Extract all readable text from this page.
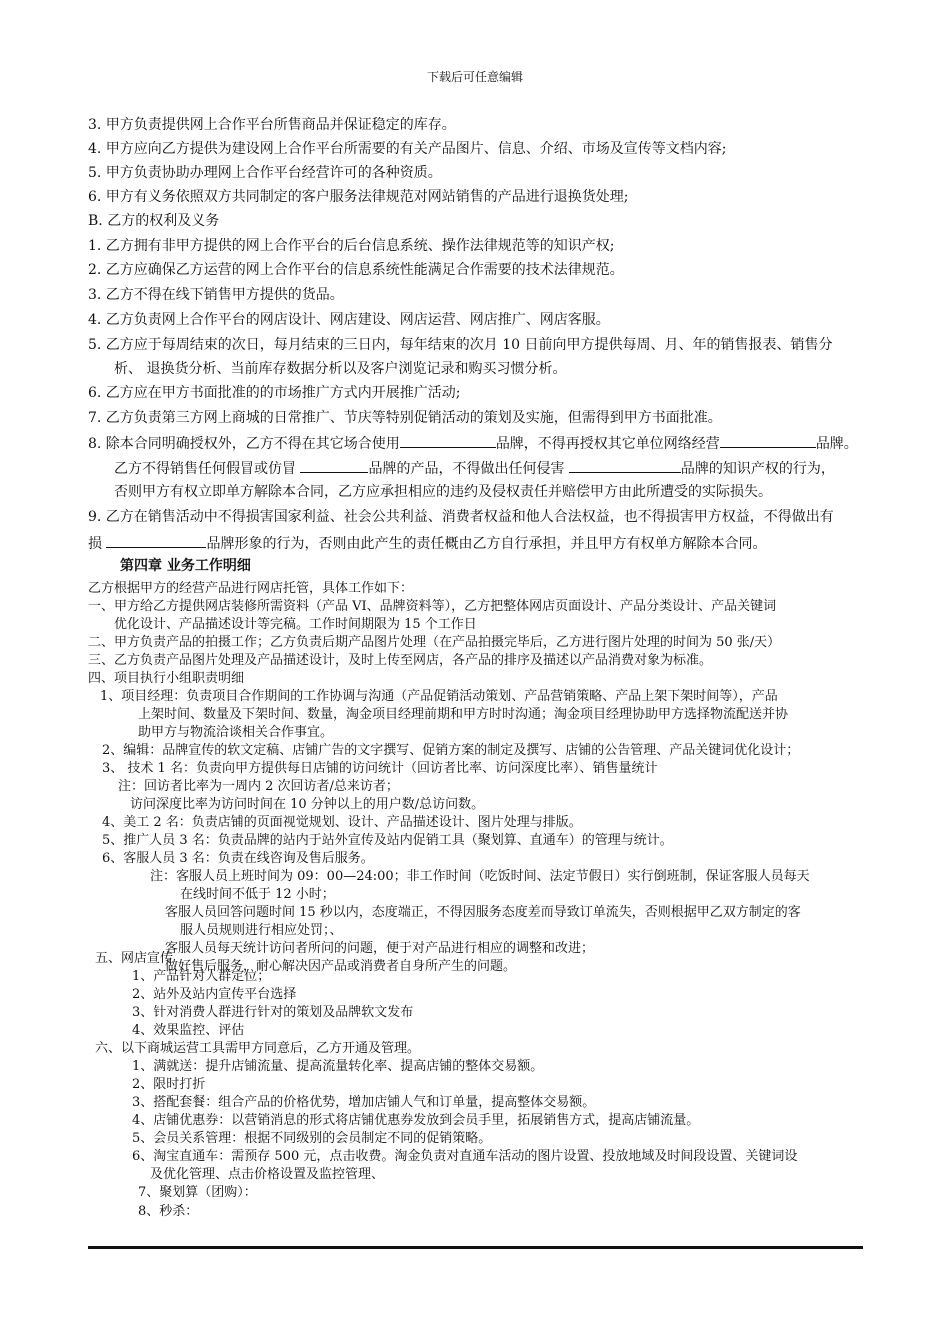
下载后可任意编辑
3. 甲方负责提供网上合作平台所售商品并保证稳定的库存。
4. 甲方应向乙方提供为建设网上合作平台所需要的有关产品图片、信息、介绍、市场及宣传等文档内容;
5. 甲方负责协助办理网上合作平台经营许可的各种资质。
6. 甲方有义务依照双方共同制定的客户服务法律规范对网站销售的产品进行退换货处理;
B. 乙方的权利及义务
1. 乙方拥有非甲方提供的网上合作平台的后台信息系统、操作法律规范等的知识产权;
2. 乙方应确保乙方运营的网上合作平台的信息系统性能满足合作需要的技术法律规范。
3. 乙方不得在线下销售甲方提供的货品。
4. 乙方负责网上合作平台的网店设计、网店建设、网店运营、网店推广、网店客服。
5. 乙方应于每周结束的次日，每月结束的三日内，每年结束的次月 10 日前向甲方提供每周、月、年的销售报表、销售分
析、 退换货分析、当前库存数据分析以及客户浏览记录和购买习惯分析。
6. 乙方应在甲方书面批准的的市场推广方式内开展推广活动;
7. 乙方负责第三方网上商城的日常推广、节庆等特别促销活动的策划及实施，但需得到甲方书面批准。
8. 除本合同明确授权外，乙方不得在其它场合使用	品牌，不得再授权其它单位网络经营	品牌。
乙方不得销售任何假冒或仿冒	品牌的产品，不得做出任何侵害	品牌的知识产权的行为，
否则甲方有权立即单方解除本合同，乙方应承担相应的违约及侵权责任并赔偿甲方由此所遭受的实际损失。
9. 乙方在销售活动中不得损害国家利益、社会公共利益、消费者权益和他人合法权益，也不得损害甲方权益，不得做出有
损	品牌形象的行为，否则由此产生的责任概由乙方自行承担，并且甲方有权单方解除本合同。
第四章 业务工作明细
乙方根据甲方的经营产品进行网店托管，具体工作如下：
一、甲方给乙方提供网店装修所需资料（产品 VI、品牌资料等），乙方把整体网店页面设计、产品分类设计、产品关键词
优化设计、产品描述设计等完稿。工作时间期限为 15 个工作日
二、甲方负责产品的拍摄工作；乙方负责后期产品图片处理（在产品拍摄完毕后，乙方进行图片处理的时间为 50 张/天）
三、乙方负责产品图片处理及产品描述设计，及时上传至网店，各产品的排序及描述以产品消费对象为标准。
四、项目执行小组职责明细
1、项目经理：负责项目合作期间的工作协调与沟通（产品促销活动策划、产品营销策略、产品上架下架时间等），产品
上架时间、数量及下架时间、数量，淘金项目经理前期和甲方时时沟通；淘金项目经理协助甲方选择物流配送并协
助甲方与物流洽谈相关合作事宜。
2、编辑：品牌宣传的软文定稿、店铺广告的文字撰写、促销方案的制定及撰写、店铺的公告管理、产品关键词优化设计；
3、 技术 1 名：负责向甲方提供每日店铺的访问统计（回访者比率、访问深度比率）、销售量统计
注：回访者比率为一周内 2 次回访者/总来访者；
访问深度比率为访问时间在 10 分钟以上的用户数/总访问数。
4、美工 2 名：负责店铺的页面视觉规划、设计、产品描述设计、图片处理与排版。
5、推广人员 3 名：负责品牌的站内于站外宣传及站内促销工具（聚划算、直通车）的管理与统计。
6、客服人员 3 名：负责在线咨询及售后服务。
注：客服人员上班时间为 09：00—24:00；非工作时间（吃饭时间、法定节假日）实行倒班制，保证客服人员每天
在线时间不低于 12 小时；
客服人员回答问题时间 15 秒以内，态度端正，不得因服务态度差而导致订单流失，否则根据甲乙双方制定的客
服人员规则进行相应处罚；、
客服人员每天统计访问者所问的问题，便于对产品进行相应的调整和改进；
做好售后服务，耐心解决因产品或消费者自身所产生的问题。
五、网店宣传
1、产品针对人群定位；
2、站外及站内宣传平台选择
3、针对消费人群进行针对的策划及品牌软文发布
4、效果监控、评估
六、以下商城运营工具需甲方同意后，乙方开通及管理。
1、满就送：提升店铺流量、提高流量转化率、提高店铺的整体交易额。
2、限时打折
3、搭配套餐：组合产品的价格优势，增加店铺人气和订单量，提高整体交易额。
4、店铺优惠券：以营销消息的形式将店铺优惠券发放到会员手里，拓展销售方式，提高店铺流量。
5、会员关系管理：根据不同级别的会员制定不同的促销策略。
6、淘宝直通车：需预存 500 元，点击收费。淘金负责对直通车活动的图片设置、投放地域及时间段设置、关键词设
及优化管理、点击价格设置及监控管理、
7、聚划算（团购）：
8、秒杀：
